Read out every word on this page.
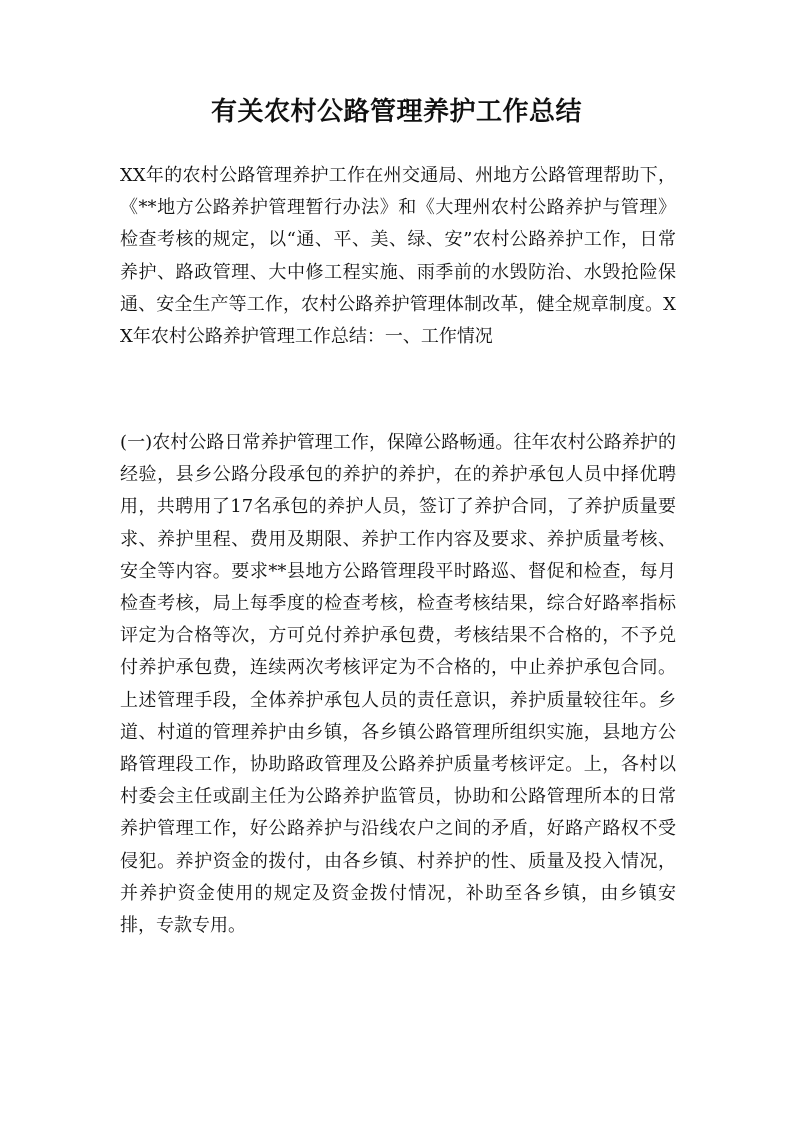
有关农村公路管理养护工作总结

XX年的农村公路管理养护工作在州交通局、州地方公路管理帮助下，《**地方公路养护管理暂行办法》和《大理州农村公路养护与管理》检查考核的规定，以“通、平、美、绿、安”农村公路养护工作，日常养护、路政管理、大中修工程实施、雨季前的水毁防治、水毁抢险保通、安全生产等工作，农村公路养护管理体制改革，健全规章制度。XX年农村公路养护管理工作总结：一、工作情况

(一)农村公路日常养护管理工作，保障公路畅通。往年农村公路养护的经验，县乡公路分段承包的养护的养护，在的养护承包人员中择优聘用，共聘用了17名承包的养护人员，签订了养护合同，了养护质量要求、养护里程、费用及期限、养护工作内容及要求、养护质量考核、安全等内容。要求**县地方公路管理段平时路巡、督促和检查，每月检查考核，局上每季度的检查考核，检查考核结果，综合好路率指标评定为合格等次，方可兑付养护承包费，考核结果不合格的，不予兑付养护承包费，连续两次考核评定为不合格的，中止养护承包合同。上述管理手段，全体养护承包人员的责任意识，养护质量较往年。乡道、村道的管理养护由乡镇，各乡镇公路管理所组织实施，县地方公路管理段工作，协助路政管理及公路养护质量考核评定。上，各村以村委会主任或副主任为公路养护监管员，协助和公路管理所本的日常养护管理工作，好公路养护与沿线农户之间的矛盾，好路产路权不受侵犯。养护资金的拨付，由各乡镇、村养护的性、质量及投入情况，并养护资金使用的规定及资金拨付情况，补助至各乡镇，由乡镇安排，专款专用。
